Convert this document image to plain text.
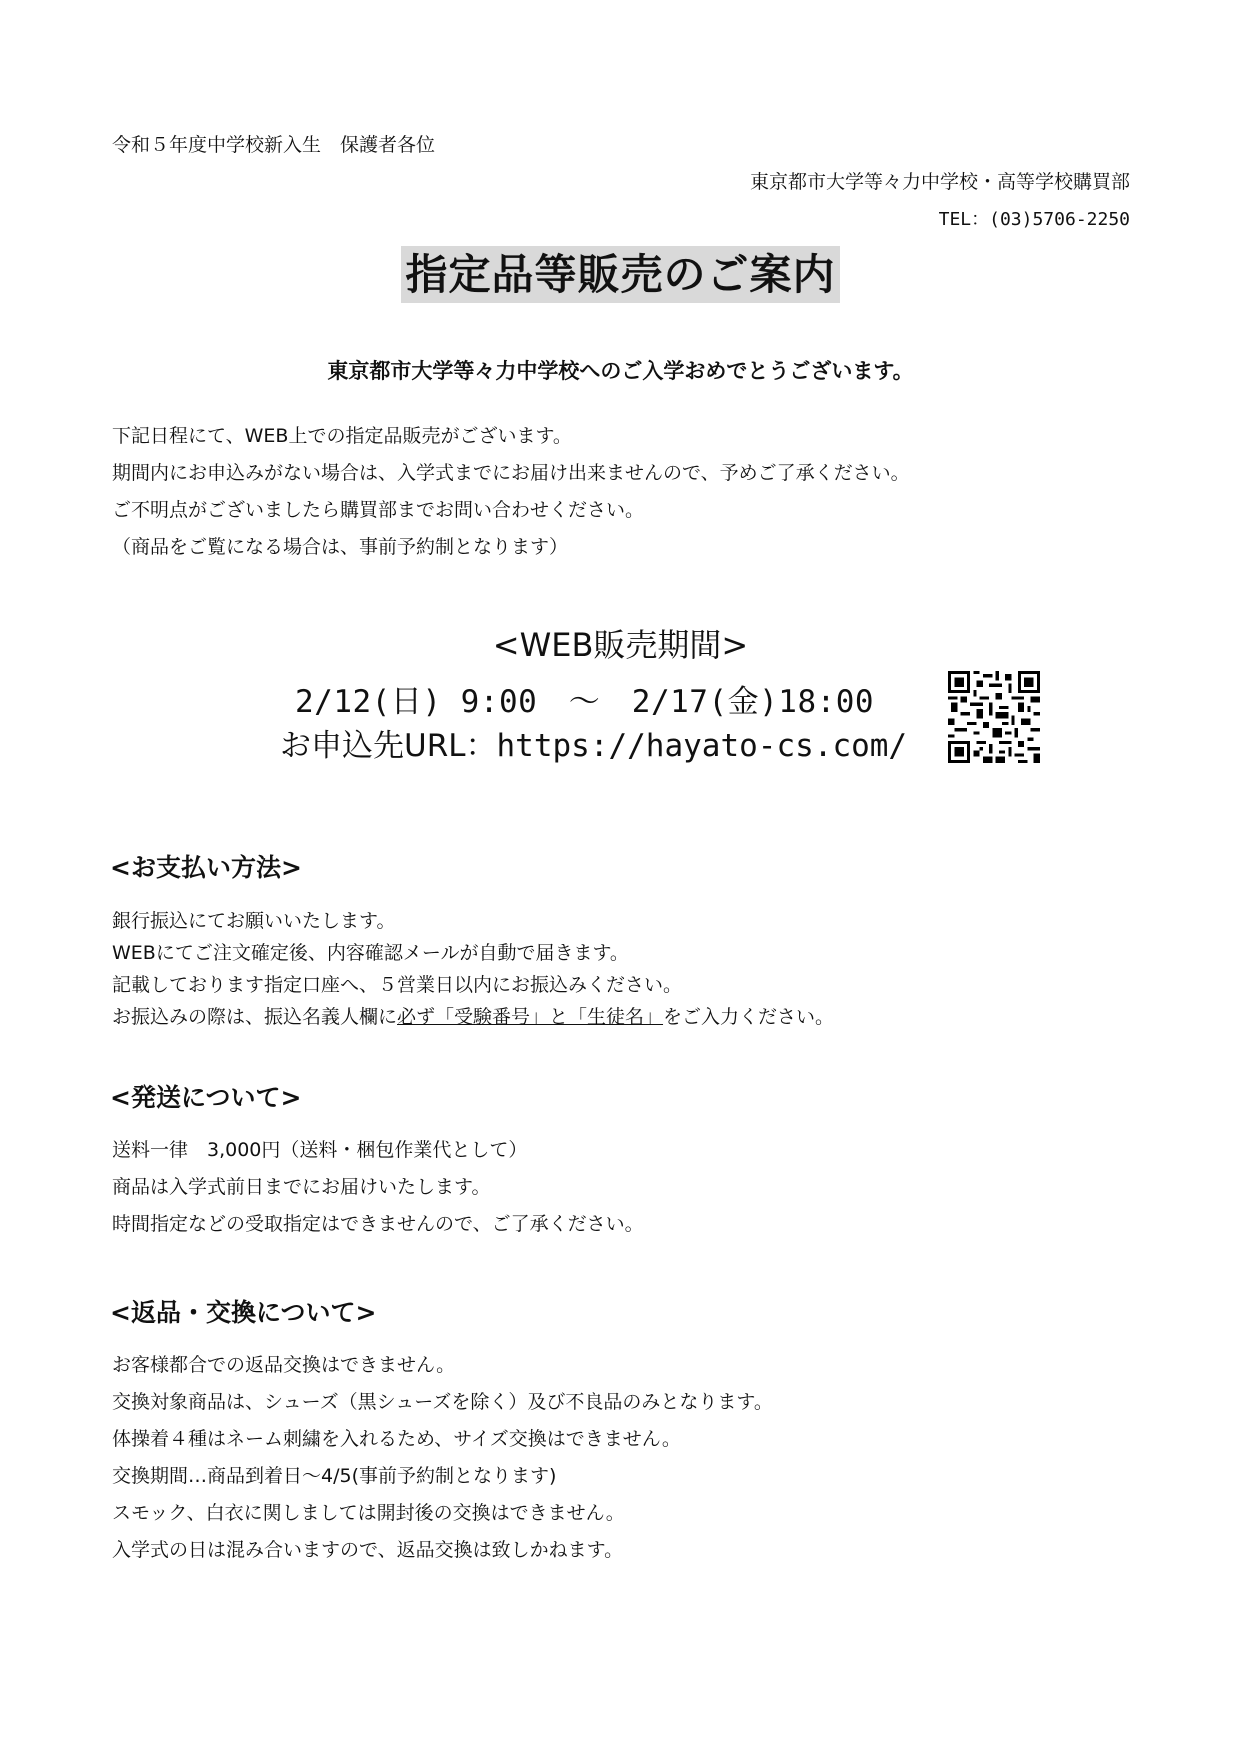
令和５年度中学校新入生　保護者各位
東京都市大学等々力中学校・高等学校購買部
TEL：(03)5706-2250
指定品等販売のご案内
東京都市大学等々力中学校へのご入学おめでとうございます。
下記日程にて、WEB上での指定品販売がございます。
期間内にお申込みがない場合は、入学式までにお届け出来ませんので、予めご了承ください。
ご不明点がございましたら購買部までお問い合わせください。
（商品をご覧になる場合は、事前予約制となります）
<WEB販売期間>
2/12(日) 9:00　～　2/17(金)18:00
お申込先URL：https://hayato-cs.com/
<お支払い方法>
銀行振込にてお願いいたします。
WEBにてご注文確定後、内容確認メールが自動で届きます。
記載しております指定口座へ、５営業日以内にお振込みください。
お振込みの際は、振込名義人欄に必ず「受験番号」と「生徒名」をご入力ください。
<発送について>
送料一律　3,000円（送料・梱包作業代として）
商品は入学式前日までにお届けいたします。
時間指定などの受取指定はできませんので、ご了承ください。
<返品・交換について>
お客様都合での返品交換はできません。
交換対象商品は、シューズ（黒シューズを除く）及び不良品のみとなります。
体操着４種はネーム刺繍を入れるため、サイズ交換はできません。
交換期間…商品到着日～4/5(事前予約制となります)
スモック、白衣に関しましては開封後の交換はできません。
入学式の日は混み合いますので、返品交換は致しかねます。
